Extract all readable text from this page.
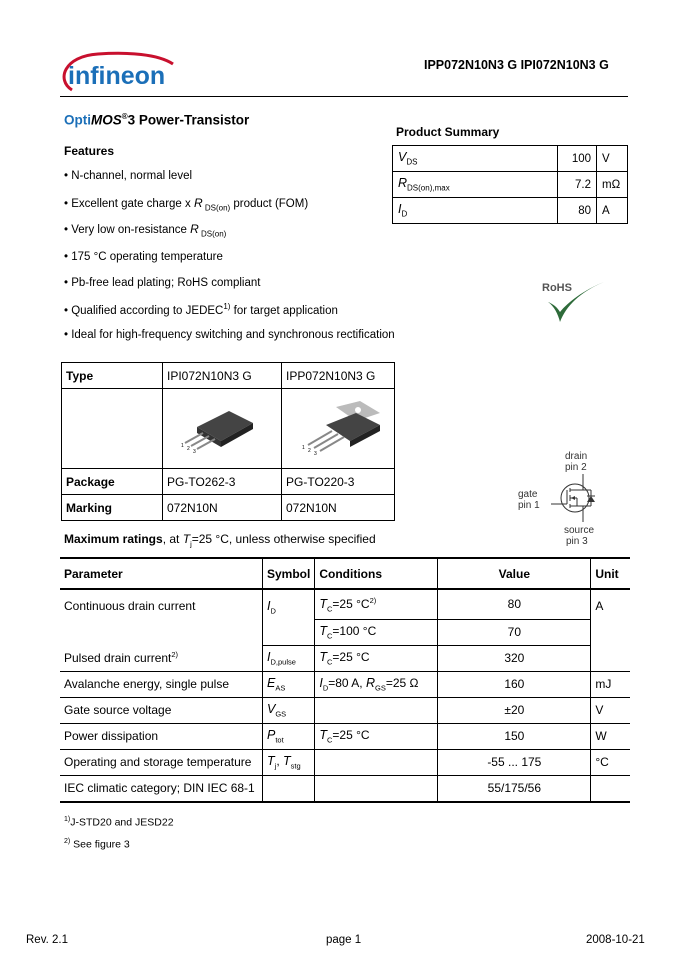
infineon	IPP072N10N3 G IPI072N10N3 G
OptiMOS®3 Power-Transistor
Features
• N-channel, normal level
• Excellent gate charge x R $_{DS(on)}$ product (FOM)
• Very low on-resistance R $_{DS(on)}$
• 175 °C operating temperature
• Pb-free lead plating; RoHS compliant
• Qualified according to JEDEC$^{1)}$ for target application
• Ideal for high-frequency switching and synchronous rectification
Product Summary
$V_{DS}$	100	V
$R_{DS(on),max}$	7.2	mΩ
$I_D$	80	A
RoHS
Type	IPI072N10N3 G	IPP072N10N3 G

1 2 3	1 2 3

Package	PG-TO262-3	PG-TO220-3
Marking	072N10N	072N10N
drain
pin 2
gate
pin 1
source
pin 3
Maximum ratings, at $T_j=25$ °C, unless otherwise specified
Parameter	Symbol	Conditions	Value	Unit
Continuous drain current	$I_D$	$T_C=25$ $^\circ C^{2)}$	80	A
		$T_C=100$ °C	70	
Pulsed drain current$^{2)}$	$I_{D,pulse}$	$T_C=25$ °C	320	
Avalanche energy, single pulse	$E_{AS}$	$I_D=80$ A, $R_{GS}=25$ Ω	160	mJ
Gate source voltage	$V_{GS}$		±20	V
Power dissipation	$P_{tot}$	$T_C=25$ °C	150	W
Operating and storage temperature	$T_j$, $T_{stg}$		-55 ... 175	°C
IEC climatic category; DIN IEC 68-1			55/175/56	
$^{1)}$J-STD20 and JESD22
$^{2)}$ See figure 3
Rev. 2.1	page 1	2008-10-21
